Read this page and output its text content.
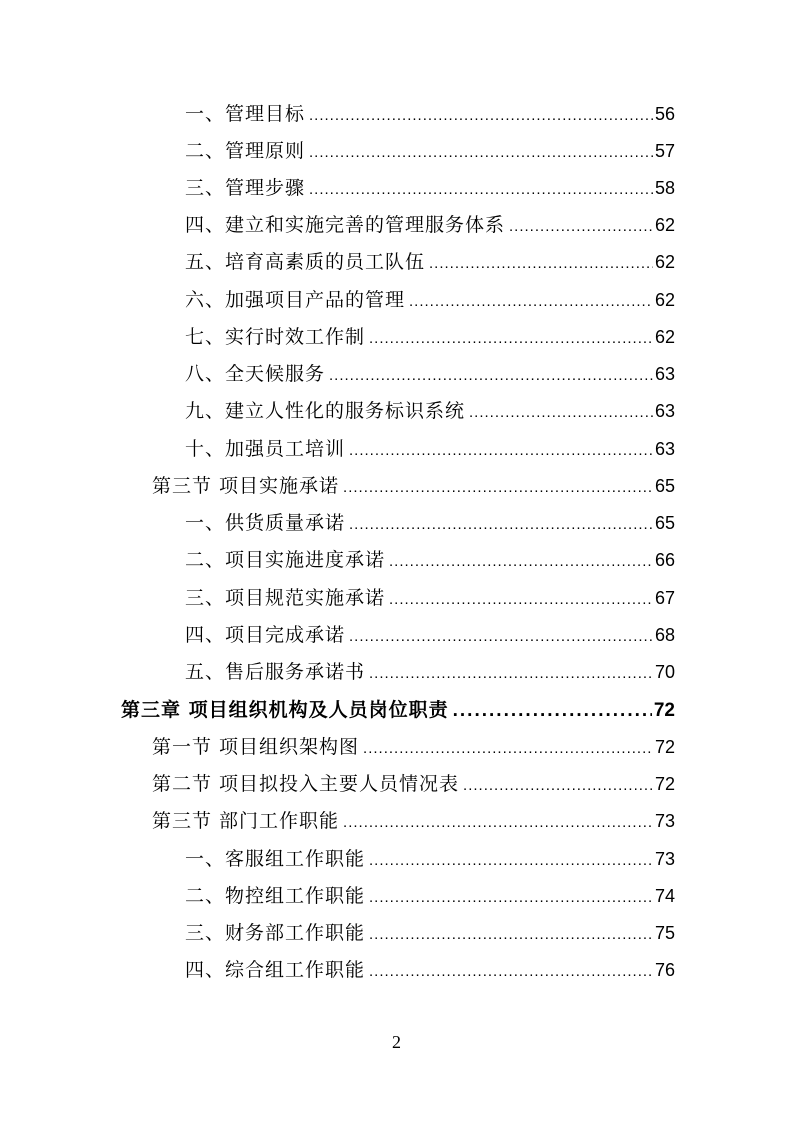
一、管理目标 .....	56
二、管理原则 .....	57
三、管理步骤 .....	58
四、建立和实施完善的管理服务体系 .....	62
五、培育高素质的员工队伍 .....	62
六、加强项目产品的管理 .....	62
七、实行时效工作制 .....	62
八、全天候服务 .....	63
九、建立人性化的服务标识系统 .....	63
十、加强员工培训 .....	63
第三节 项目实施承诺 .....	65
一、供货质量承诺 .....	65
二、项目实施进度承诺 .....	66
三、项目规范实施承诺 .....	67
四、项目完成承诺 .....	68
五、售后服务承诺书 .....	70
第三章 项目组织机构及人员岗位职责 .....	72
第一节 项目组织架构图 .....	72
第二节 项目拟投入主要人员情况表 .....	72
第三节 部门工作职能 .....	73
一、客服组工作职能 .....	73
二、物控组工作职能 .....	74
三、财务部工作职能 .....	75
四、综合组工作职能 .....	76
2
